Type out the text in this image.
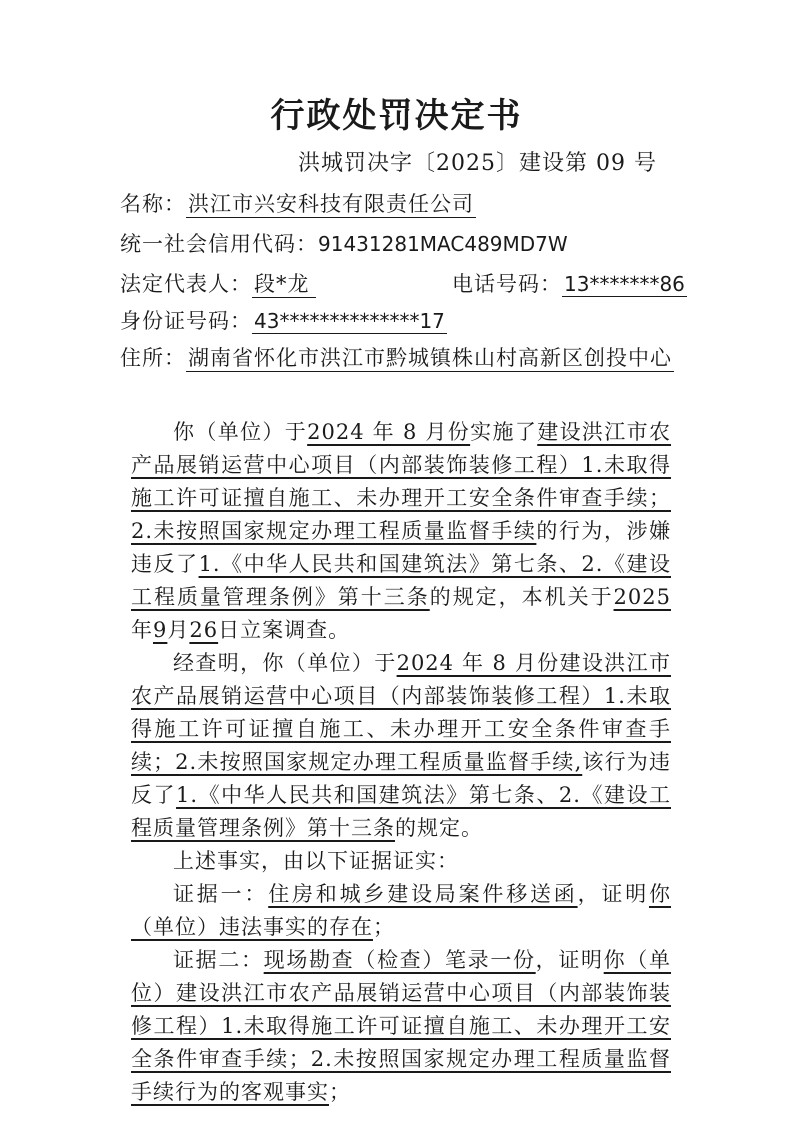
行政处罚决定书
洪城罚决字〔2025〕建设第 09 号
名称：洪江市兴安科技有限责任公司
统一社会信用代码：91431281MAC489MD7W
法定代表人：段*龙	电话号码： 13*******86
身份证号码： 43**************17
住所：湖南省怀化市洪江市黔城镇株山村高新区创投中心

你（单位）于2024 年 8 月份实施了建设洪江市农产品展销运营中心项目（内部装饰装修工程）1.未取得施工许可证擅自施工、未办理开工安全条件审查手续；2.未按照国家规定办理工程质量监督手续的行为，涉嫌违反了1.《中华人民共和国建筑法》第七条、2.《建设工程质量管理条例》第十三条的规定，本机关于2025年9月26日立案调查。

经查明，你（单位）于2024 年 8 月份建设洪江市农产品展销运营中心项目（内部装饰装修工程）1.未取得施工许可证擅自施工、未办理开工安全条件审查手续；2.未按照国家规定办理工程质量监督手续,该行为违反了1.《中华人民共和国建筑法》第七条、2.《建设工程质量管理条例》第十三条的规定。

上述事实，由以下证据证实：

证据一：住房和城乡建设局案件移送函，证明你（单位）违法事实的存在；

证据二：现场勘查（检查）笔录一份，证明你（单位）建设洪江市农产品展销运营中心项目（内部装饰装修工程）1.未取得施工许可证擅自施工、未办理开工安全条件审查手续；2.未按照国家规定办理工程质量监督手续行为的客观事实；
